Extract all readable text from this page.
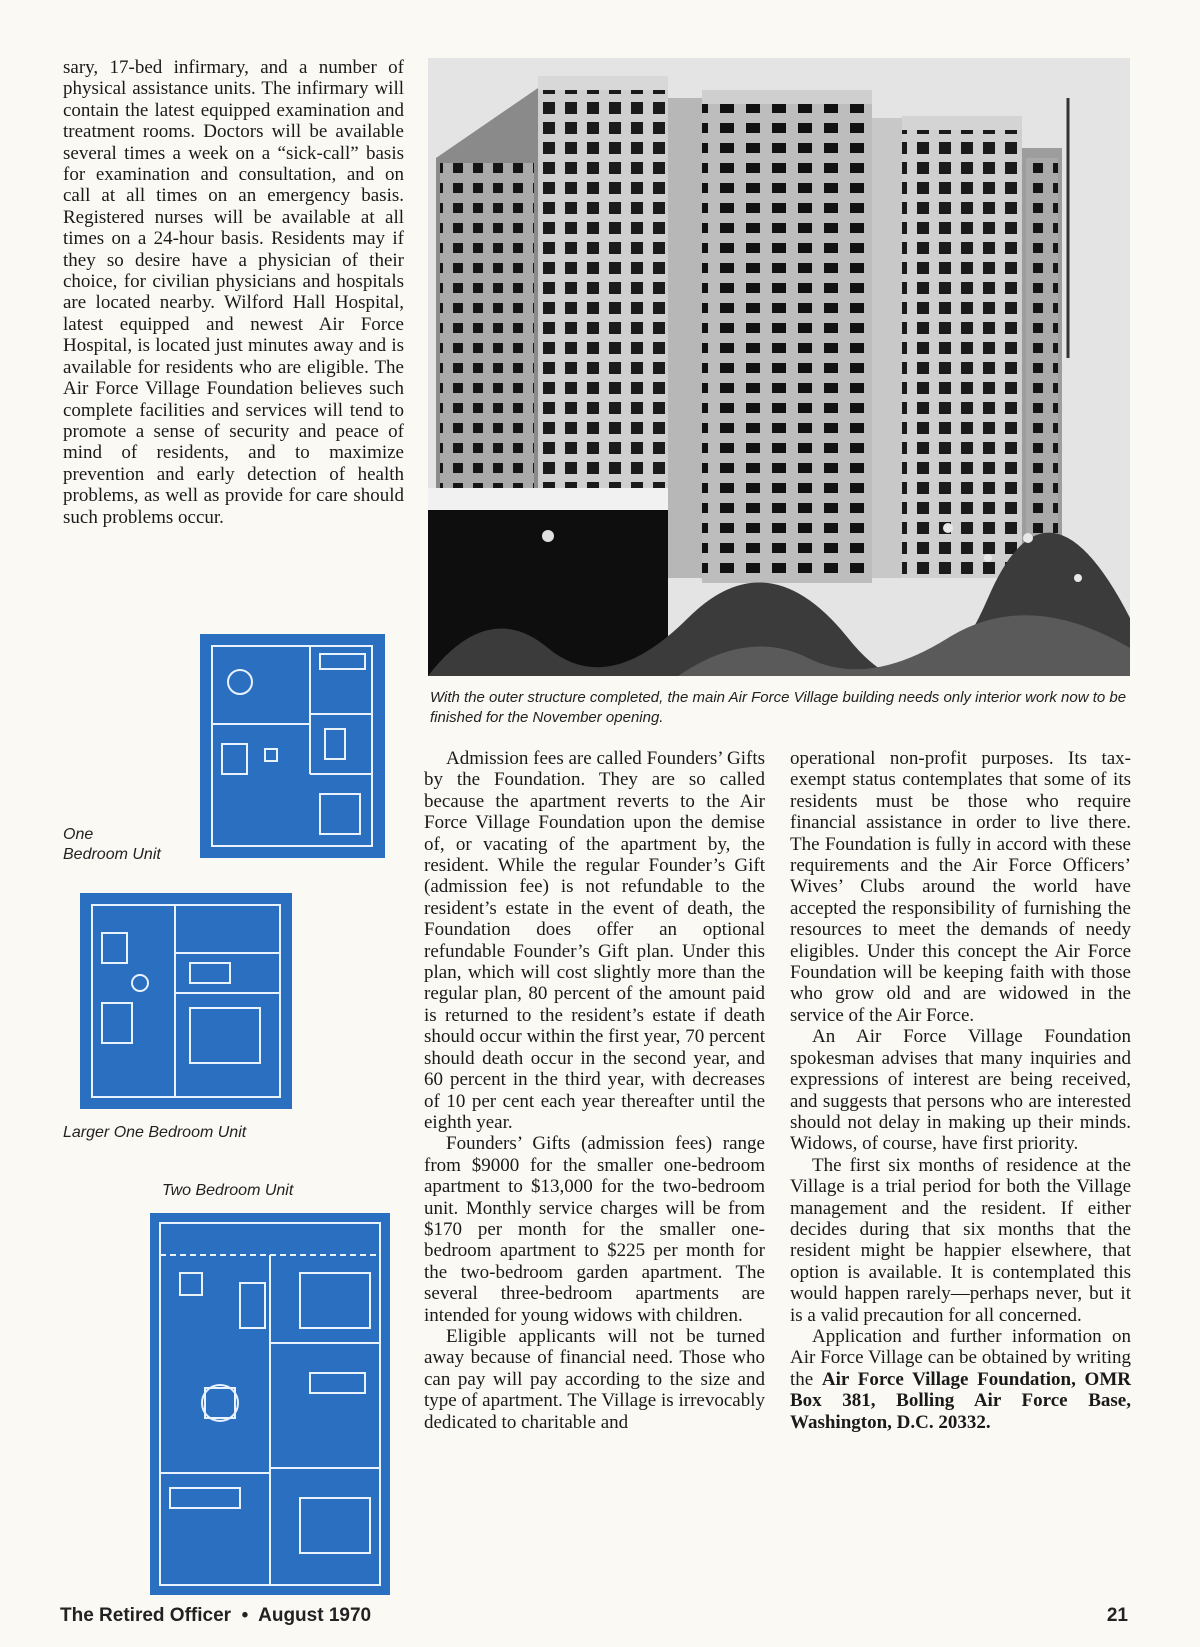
sary, 17-bed infirmary, and a number of physical assistance units. The infirmary will contain the latest equipped examination and treatment rooms. Doctors will be available several times a week on a “sick-call” basis for examination and consultation, and on call at all times on an emergency basis. Registered nurses will be available at all times on a 24-hour basis. Residents may if they so desire have a physician of their choice, for civilian physicians and hospitals are located nearby. Wilford Hall Hospital, latest equipped and newest Air Force Hospital, is located just minutes away and is available for residents who are eligible. The Air Force Village Foundation believes such complete facilities and services will tend to promote a sense of security and peace of mind of residents, and to maximize prevention and early detection of health problems, as well as provide for care should such problems occur.

With the outer structure completed, the main Air Force Village building needs only interior work now to be finished for the November opening.
One
Bedroom Unit
Larger One Bedroom Unit
Two Bedroom Unit

Admission fees are called Founders’ Gifts by the Foundation. They are so called because the apartment reverts to the Air Force Village Foundation upon the demise of, or vacating of the apartment by, the resident. While the regular Founder’s Gift (admission fee) is not refundable to the resident’s estate in the event of death, the Foundation does offer an optional refundable Founder’s Gift plan. Under this plan, which will cost slightly more than the regular plan, 80 percent of the amount paid is returned to the resident’s estate if death should occur within the first year, 70 percent should death occur in the second year, and 60 percent in the third year, with decreases of 10 per cent each year thereafter until the eighth year.

Founders’ Gifts (admission fees) range from $9000 for the smaller one-bedroom apartment to $13,000 for the two-bedroom unit. Monthly service charges will be from $170 per month for the smaller one-bedroom apartment to $225 per month for the two-bedroom garden apartment. The several three-bedroom apartments are intended for young widows with children.

Eligible applicants will not be turned away because of financial need. Those who can pay will pay according to the size and type of apartment. The Village is irrevocably dedicated to charitable and

operational non-profit purposes. Its tax-exempt status contemplates that some of its residents must be those who require financial assistance in order to live there. The Foundation is fully in accord with these requirements and the Air Force Officers’ Wives’ Clubs around the world have accepted the responsibility of furnishing the resources to meet the demands of needy eligibles. Under this concept the Air Force Foundation will be keeping faith with those who grow old and are widowed in the service of the Air Force.

An Air Force Village Foundation spokesman advises that many inquiries and expressions of interest are being received, and suggests that persons who are interested should not delay in making up their minds. Widows, of course, have first priority.

The first six months of residence at the Village is a trial period for both the Village management and the resident. If either decides during that six months that the resident might be happier elsewhere, that option is available. It is contemplated this would happen rarely—perhaps never, but it is a valid precaution for all concerned.

Application and further information on Air Force Village can be obtained by writing the Air Force Village Foundation, OMR Box 381, Bolling Air Force Base, Washington, D.C. 20332.

The Retired Officer • August 1970	21
